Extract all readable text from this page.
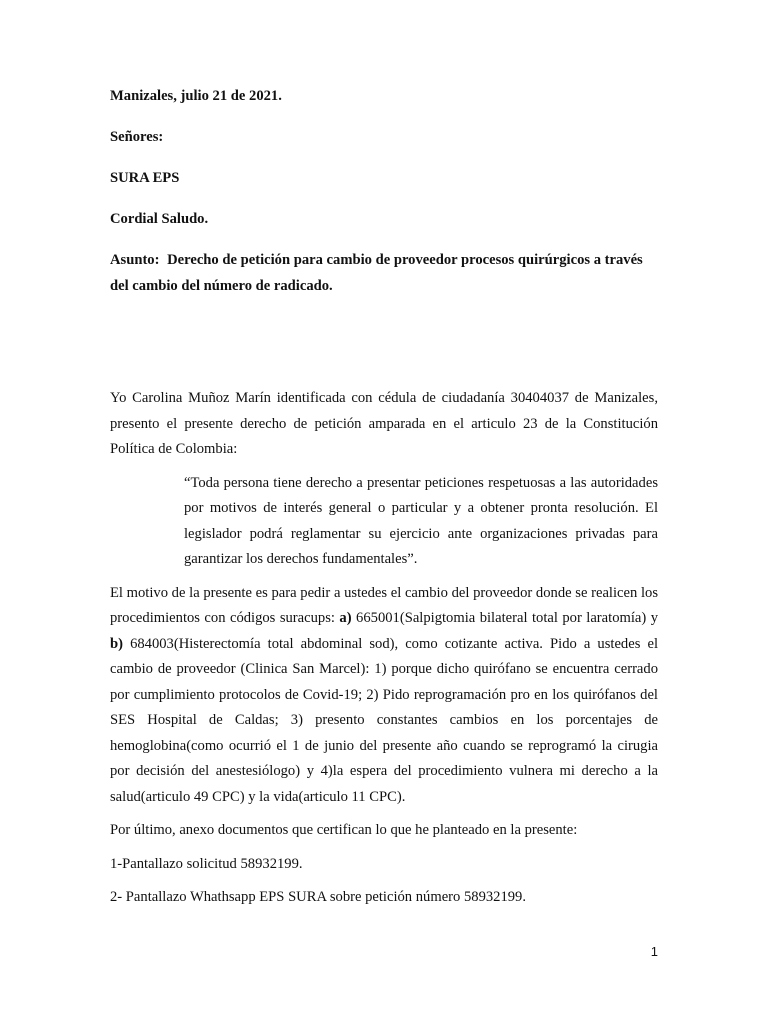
Manizales, julio 21 de 2021.

Señores:

SURA EPS

Cordial Saludo.

Asunto: Derecho de petición para cambio de proveedor procesos quirúrgicos a través del cambio del número de radicado.

Yo Carolina Muñoz Marín identificada con cédula de ciudadanía 30404037 de Manizales, presento el presente derecho de petición amparada en el articulo 23 de la Constitución Política de Colombia:

“Toda persona tiene derecho a presentar peticiones respetuosas a las autoridades por motivos de interés general o particular y a obtener pronta resolución. El legislador podrá reglamentar su ejercicio ante organizaciones privadas para garantizar los derechos fundamentales”.

El motivo de la presente es para pedir a ustedes el cambio del proveedor donde se realicen los procedimientos con códigos suracups: a) 665001(Salpigtomia bilateral total por laratomía) y b) 684003(Histerectomía total abdominal sod), como cotizante activa. Pido a ustedes el cambio de proveedor (Clinica San Marcel): 1) porque dicho quirófano se encuentra cerrado por cumplimiento protocolos de Covid-19; 2) Pido reprogramación pro en los quirófanos del SES Hospital de Caldas; 3) presento constantes cambios en los porcentajes de hemoglobina(como ocurrió el 1 de junio del presente año cuando se reprogramó la cirugia por decisión del anestesiólogo) y 4)la espera del procedimiento vulnera mi derecho a la salud(articulo 49 CPC) y la vida(articulo 11 CPC).

Por último, anexo documentos que certifican lo que he planteado en la presente:

1-Pantallazo solicitud 58932199.

2- Pantallazo Whathsapp EPS SURA sobre petición número 58932199.

1
